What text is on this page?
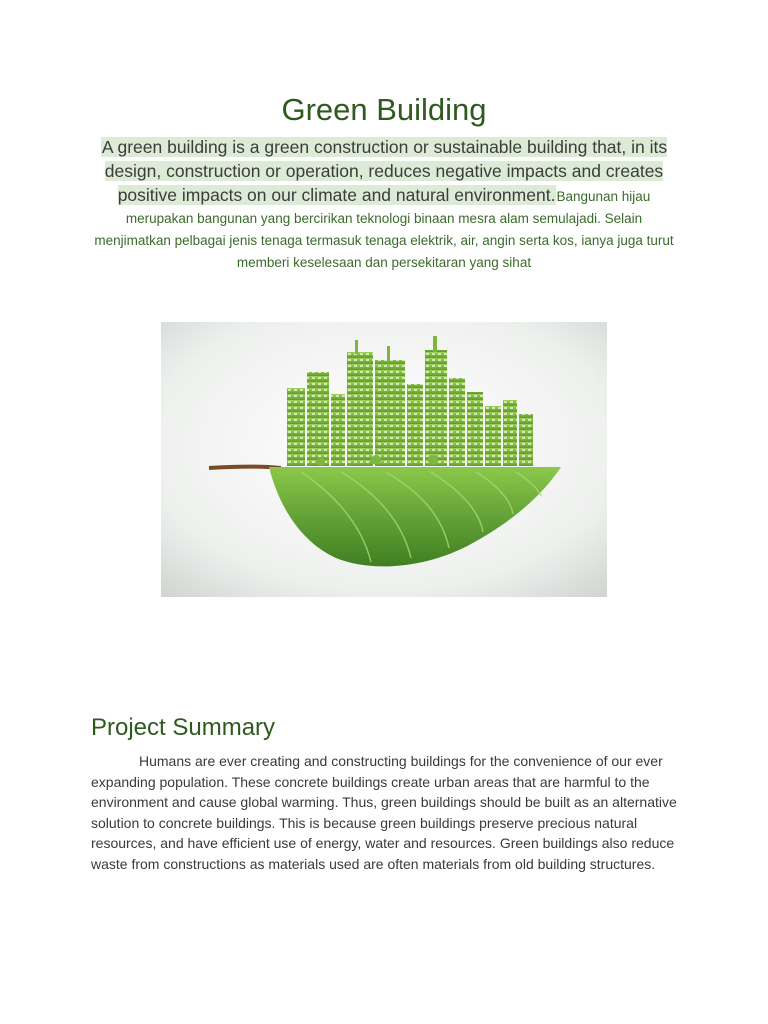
Green Building

A green building is a green construction or sustainable building that, in its design, construction or operation, reduces negative impacts and creates positive impacts on our climate and natural environment.Bangunan hijau merupakan bangunan yang bercirikan teknologi binaan mesra alam semulajadi. Selain menjimatkan pelbagai jenis tenaga termasuk tenaga elektrik, air, angin serta kos, ianya juga turut memberi keselesaan dan persekitaran yang sihat

Project Summary

Humans are ever creating and constructing buildings for the convenience of our ever expanding population. These concrete buildings create urban areas that are harmful to the environment and cause global warming. Thus, green buildings should be built as an alternative solution to concrete buildings. This is because green buildings preserve precious natural resources, and have efficient use of energy, water and resources. Green buildings also reduce waste from constructions as materials used are often materials from old building structures.
